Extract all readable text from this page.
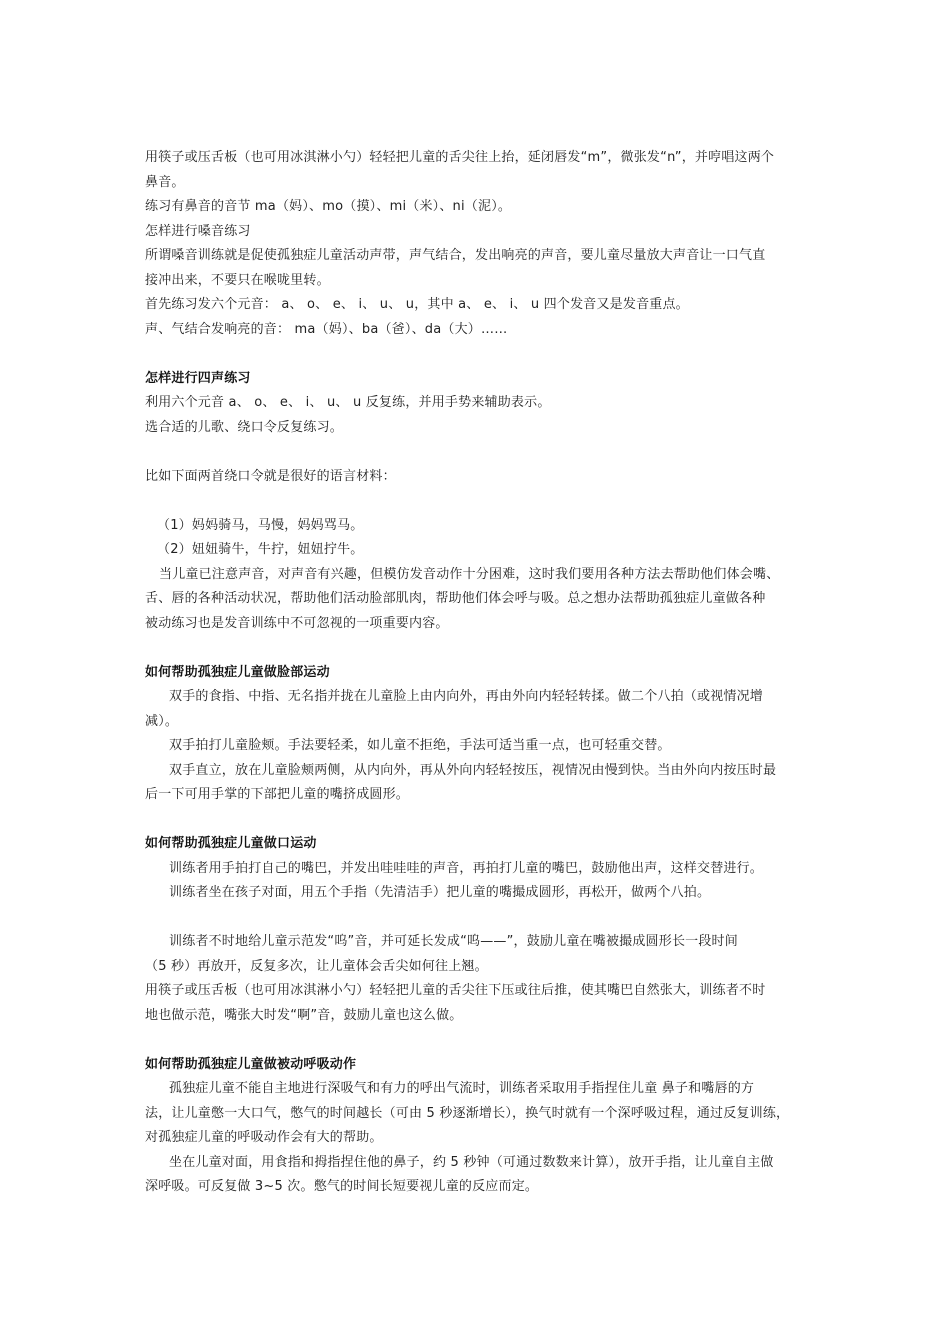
用筷子或压舌板（也可用冰淇淋小勺）轻轻把儿童的舌尖往上抬，延闭唇发“m”，微张发“n”，并哼唱这两个
鼻音。
练习有鼻音的音节 ma（妈）、mo（摸）、mi（米）、ni（泥）。
怎样进行嗓音练习
所谓嗓音训练就是促使孤独症儿童活动声带，声气结合，发出响亮的声音，要儿童尽量放大声音让一口气直
接冲出来，不要只在喉咙里转。
首先练习发六个元音： a、 o、 e、 i、 u、 u，其中 a、 e、 i、 u 四个发音又是发音重点。
声、气结合发响亮的音： ma（妈）、ba（爸）、da（大）……
怎样进行四声练习
利用六个元音 a、 o、 e、 i、 u、 u 反复练，并用手势来辅助表示。
选合适的儿歌、绕口令反复练习。
比如下面两首绕口令就是很好的语言材料：
（1）妈妈骑马，马慢，妈妈骂马。
（2）妞妞骑牛，牛拧，妞妞拧牛。
当儿童已注意声音，对声音有兴趣，但模仿发音动作十分困难，这时我们要用各种方法去帮助他们体会嘴、
舌、唇的各种活动状况，帮助他们活动脸部肌肉，帮助他们体会呼与吸。总之想办法帮助孤独症儿童做各种
被动练习也是发音训练中不可忽视的一项重要内容。
如何帮助孤独症儿童做脸部运动
双手的食指、中指、无名指并拢在儿童脸上由内向外，再由外向内轻轻转揉。做二个八拍（或视情况增
减）。
双手拍打儿童脸颊。手法要轻柔，如儿童不拒绝，手法可适当重一点，也可轻重交替。
双手直立，放在儿童脸颊两侧，从内向外，再从外向内轻轻按压，视情况由慢到快。当由外向内按压时最
后一下可用手掌的下部把儿童的嘴挤成圆形。
如何帮助孤独症儿童做口运动
训练者用手拍打自己的嘴巴，并发出哇哇哇的声音，再拍打儿童的嘴巴，鼓励他出声，这样交替进行。
训练者坐在孩子对面，用五个手指（先清洁手）把儿童的嘴撮成圆形，再松开，做两个八拍。
训练者不时地给儿童示范发“呜”音，并可延长发成“呜——”，鼓励儿童在嘴被撮成圆形长一段时间
（5 秒）再放开，反复多次，让儿童体会舌尖如何往上翘。
用筷子或压舌板（也可用冰淇淋小勺）轻轻把儿童的舌尖往下压或往后推，使其嘴巴自然张大，训练者不时
地也做示范，嘴张大时发“啊”音，鼓励儿童也这么做。
如何帮助孤独症儿童做被动呼吸动作
孤独症儿童不能自主地进行深吸气和有力的呼出气流时，训练者采取用手指捏住儿童 鼻子和嘴唇的方
法，让儿童憋一大口气，憋气的时间越长（可由 5 秒逐渐增长），换气时就有一个深呼吸过程，通过反复训练，
对孤独症儿童的呼吸动作会有大的帮助。
坐在儿童对面，用食指和拇指捏住他的鼻子，约 5 秒钟（可通过数数来计算），放开手指，让儿童自主做
深呼吸。可反复做 3~5 次。憋气的时间长短要视儿童的反应而定。
